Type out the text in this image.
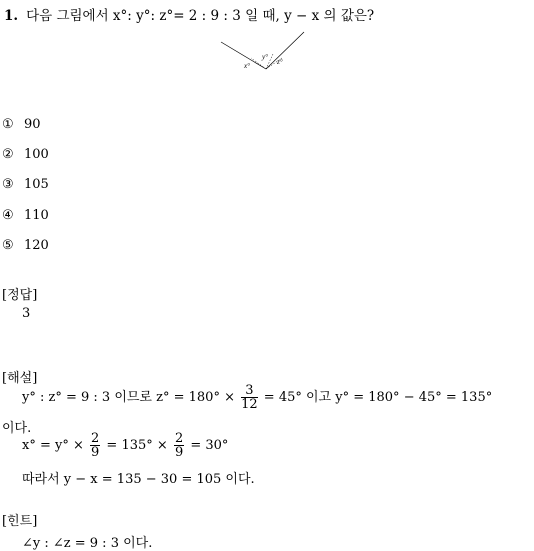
1. 다음 그림에서 x°: y°: z°= 2 : 9 : 3 일 때, y − x 의 값은?
x°
y°
z°
① 90
② 100
③ 105
④ 110
⑤ 120
[정답]
3
[해설]
y° : z° = 9 : 3 이므로 $z^\circ = 180^\circ \times \frac{3}{12} = 45^\circ$ 이고 y° = 180° − 45° = 135°
이다.
$x^\circ = y^\circ \times \frac{2}{9} = 135^\circ \times \frac{2}{9} = 30^\circ$
따라서 y − x = 135 − 30 = 105 이다.
[힌트]
∠y : ∠z = 9 : 3 이다.
